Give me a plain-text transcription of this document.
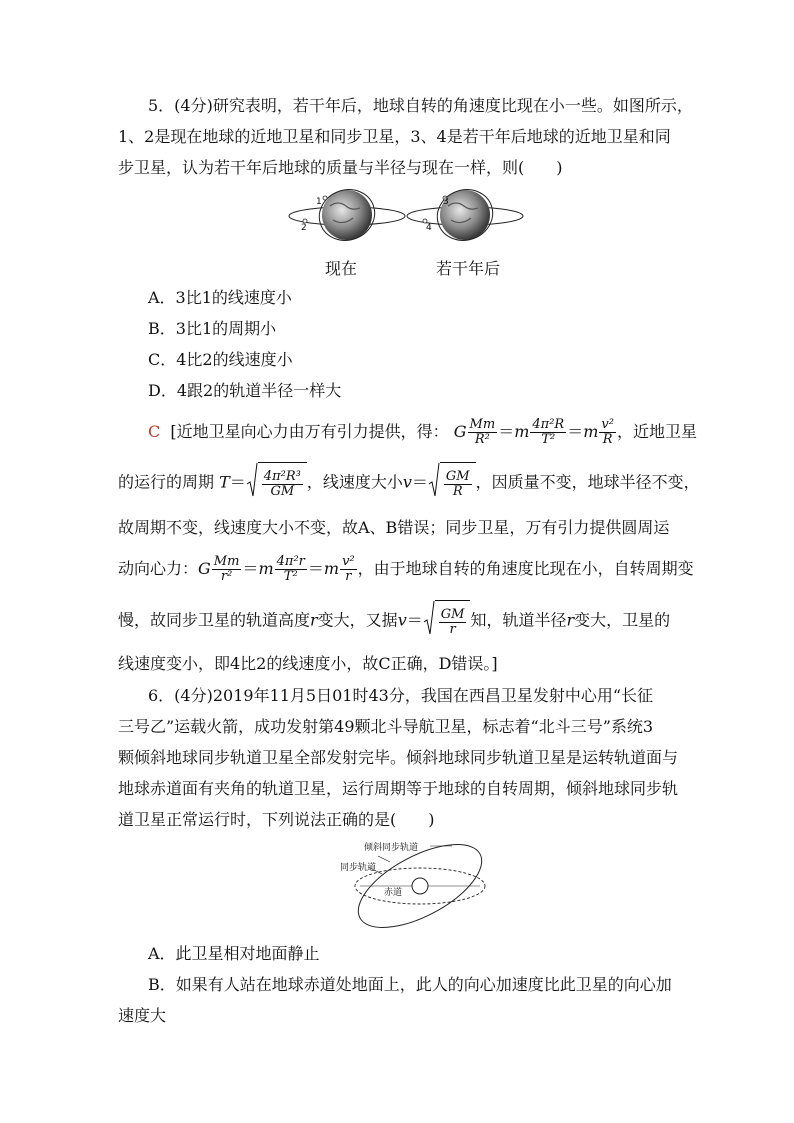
5．(4分)研究表明，若干年后，地球自转的角速度比现在小一些。如图所示，
1、2是现在地球的近地卫星和同步卫星，3、4是若干年后地球的近地卫星和同
步卫星，认为若干年后地球的质量与半径与现在一样，则(　　)
1
2
3
4
现在	若干年后
A．3比1的线速度小
B．3比1的周期小
C．4比2的线速度小
D．4跟2的轨道半径一样大
C [近地卫星向心力由万有引力提供，得： G $\frac{Mm}{\text{R²}} =m \frac{\text{4π²R}}{\text{T²}} =m \frac{\text{v²}}{R}$ ，近地卫星
的运行的周期 $T= \frac{\text{4π²R³}}{GM}$ ，线速度大小$v= \frac{GM}{R}$ ，因质量不变，地球半径不变，
故周期不变，线速度大小不变，故A、B错误；同步卫星，万有引力提供圆周运
动向心力：G $\frac{Mm}{\text{r²}} =m \frac{\text{4π²r}}{\text{T²}} =m \frac{\text{v²}}{r}$ ，由于地球自转的角速度比现在小，自转周期变
慢，故同步卫星的轨道高度r变大，又据$v= \frac{GM}{r}$ 知，轨道半径r变大，卫星的
线速度变小，即4比2的线速度小，故C正确，D错误。]
6．(4分)2019年11月5日01时43分，我国在西昌卫星发射中心用“长征
三号乙”运载火箭，成功发射第49颗北斗导航卫星，标志着“北斗三号”系统3
颗倾斜地球同步轨道卫星全部发射完毕。倾斜地球同步轨道卫星是运转轨道面与
地球赤道面有夹角的轨道卫星，运行周期等于地球的自转周期，倾斜地球同步轨
道卫星正常运行时，下列说法正确的是(　　)
倾斜同步轨道
同步轨道
赤道
A．此卫星相对地面静止
B．如果有人站在地球赤道处地面上，此人的向心加速度比此卫星的向心加
速度大
